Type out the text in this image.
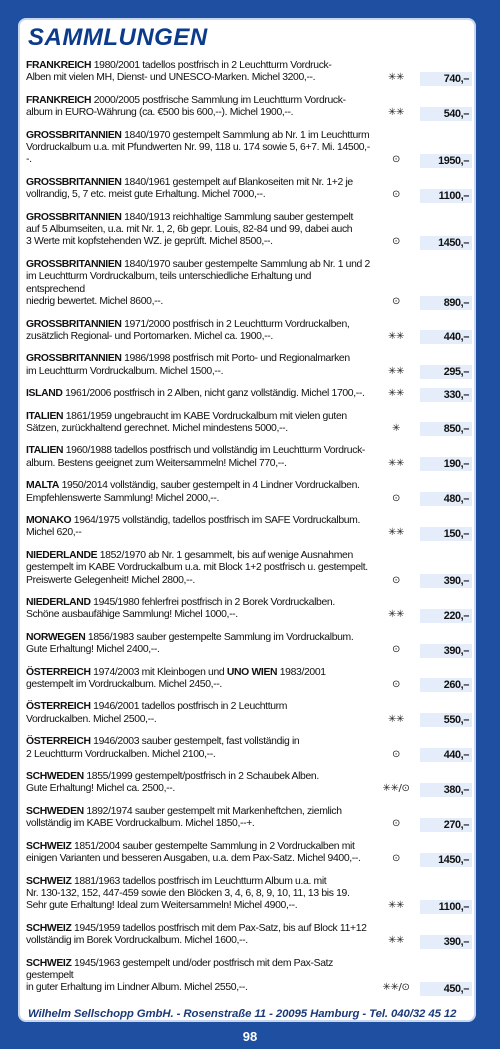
SAMMLUNGEN
FRANKREICH 1980/2001 tadellos postfrisch in 2 Leuchtturm Vordruck-
Alben mit vielen MH, Dienst- und UNESCO-Marken. Michel 3200,--.	✳✳	740,–
FRANKREICH 2000/2005 postfrische Sammlung im Leuchtturm Vordruck-
album in EURO-Währung (ca. €500 bis 600,--). Michel 1900,--.	✳✳	540,–
GROSSBRITANNIEN 1840/1970 gestempelt Sammlung ab Nr. 1 im Leuchtturm
Vordruckalbum u.a. mit Pfundwerten Nr. 99, 118 u. 174 sowie 5, 6+7. Mi. 14500,--.	⊙	1950,–
GROSSBRITANNIEN 1840/1961 gestempelt auf Blankoseiten mit Nr. 1+2 je
vollrandig, 5, 7 etc. meist gute Erhaltung. Michel 7000,--.	⊙	1100,–
GROSSBRITANNIEN 1840/1913 reichhaltige Sammlung sauber gestempelt
auf 5 Albumseiten, u.a. mit Nr. 1, 2, 6b gepr. Louis, 82-84 und 99, dabei auch
3 Werte mit kopfstehenden WZ. je geprüft. Michel 8500,--.	⊙	1450,–
GROSSBRITANNIEN 1840/1970 sauber gestempelte Sammlung ab Nr. 1 und 2
im Leuchtturm Vordruckalbum, teils unterschiedliche Erhaltung und entsprechend
niedrig bewertet. Michel 8600,--.	⊙	890,–
GROSSBRITANNIEN 1971/2000 postfrisch in 2 Leuchtturm Vordruckalben,
zusätzlich Regional- und Portomarken. Michel ca. 1900,--.	✳✳	440,–
GROSSBRITANNIEN 1986/1998 postfrisch mit Porto- und Regionalmarken
im Leuchtturm Vordruckalbum. Michel 1500,--.	✳✳	295,–
ISLAND 1961/2006 postfrisch in 2 Alben, nicht ganz vollständig. Michel 1700,--.	✳✳	330,–
ITALIEN 1861/1959 ungebraucht im KABE Vordruckalbum mit vielen guten
Sätzen, zurückhaltend gerechnet. Michel mindestens 5000,--.	✳	850,–
ITALIEN 1960/1988 tadellos postfrisch und vollständig im Leuchtturm Vordruck-
album. Bestens geeignet zum Weitersammeln! Michel 770,--.	✳✳	190,–
MALTA 1950/2014 vollständig, sauber gestempelt in 4 Lindner Vordruckalben.
Empfehlenswerte Sammlung! Michel 2000,--.	⊙	480,–
MONAKO 1964/1975 vollständig, tadellos postfrisch im SAFE Vordruckalbum.
Michel 620,--	✳✳	150,–
NIEDERLANDE 1852/1970 ab Nr. 1 gesammelt, bis auf wenige Ausnahmen
gestempelt im KABE Vordruckalbum u.a. mit Block 1+2 postfrisch u. gestempelt.
Preiswerte Gelegenheit! Michel 2800,--.	⊙	390,–
NIEDERLAND 1945/1980 fehlerfrei postfrisch in 2 Borek Vordruckalben.
Schöne ausbaufähige Sammlung! Michel 1000,--.	✳✳	220,–
NORWEGEN 1856/1983 sauber gestempelte Sammlung im Vordruckalbum.
Gute Erhaltung! Michel 2400,--.	⊙	390,–
ÖSTERREICH 1974/2003 mit Kleinbogen und UNO WIEN 1983/2001
gestempelt im Vordruckalbum. Michel 2450,--.	⊙	260,–
ÖSTERREICH 1946/2001 tadellos postfrisch in 2 Leuchtturm
Vordruckalben. Michel 2500,--.	✳✳	550,–
ÖSTERREICH 1946/2003 sauber gestempelt, fast vollständig in
2 Leuchtturm Vordruckalben. Michel 2100,--.	⊙	440,–
SCHWEDEN 1855/1999 gestempelt/postfrisch in 2 Schaubek Alben.
Gute Erhaltung! Michel ca. 2500,--.	✳✳/⊙	380,–
SCHWEDEN 1892/1974 sauber gestempelt mit Markenheftchen, ziemlich
vollständig im KABE Vordruckalbum. Michel 1850,--+.	⊙	270,–
SCHWEIZ 1851/2004 sauber gestempelte Sammlung in 2 Vordruckalben mit
einigen Varianten und besseren Ausgaben, u.a. dem Pax-Satz. Michel 9400,--.	⊙	1450,–
SCHWEIZ 1881/1963 tadellos postfrisch im Leuchtturm Album u.a. mit
Nr. 130-132, 152, 447-459 sowie den Blöcken 3, 4, 6, 8, 9, 10, 11, 13 bis 19.
Sehr gute Erhaltung! Ideal zum Weitersammeln! Michel 4900,--.	✳✳	1100,–
SCHWEIZ 1945/1959 tadellos postfrisch mit dem Pax-Satz, bis auf Block 11+12
vollständig im Borek Vordruckalbum. Michel 1600,--.	✳✳	390,–
SCHWEIZ 1945/1963 gestempelt und/oder postfrisch mit dem Pax-Satz gestempelt
in guter Erhaltung im Lindner Album. Michel 2550,--.	✳✳/⊙	450,–
Wilhelm Sellschopp GmbH. - Rosenstraße 11 - 20095 Hamburg - Tel. 040/32 45 12
98
